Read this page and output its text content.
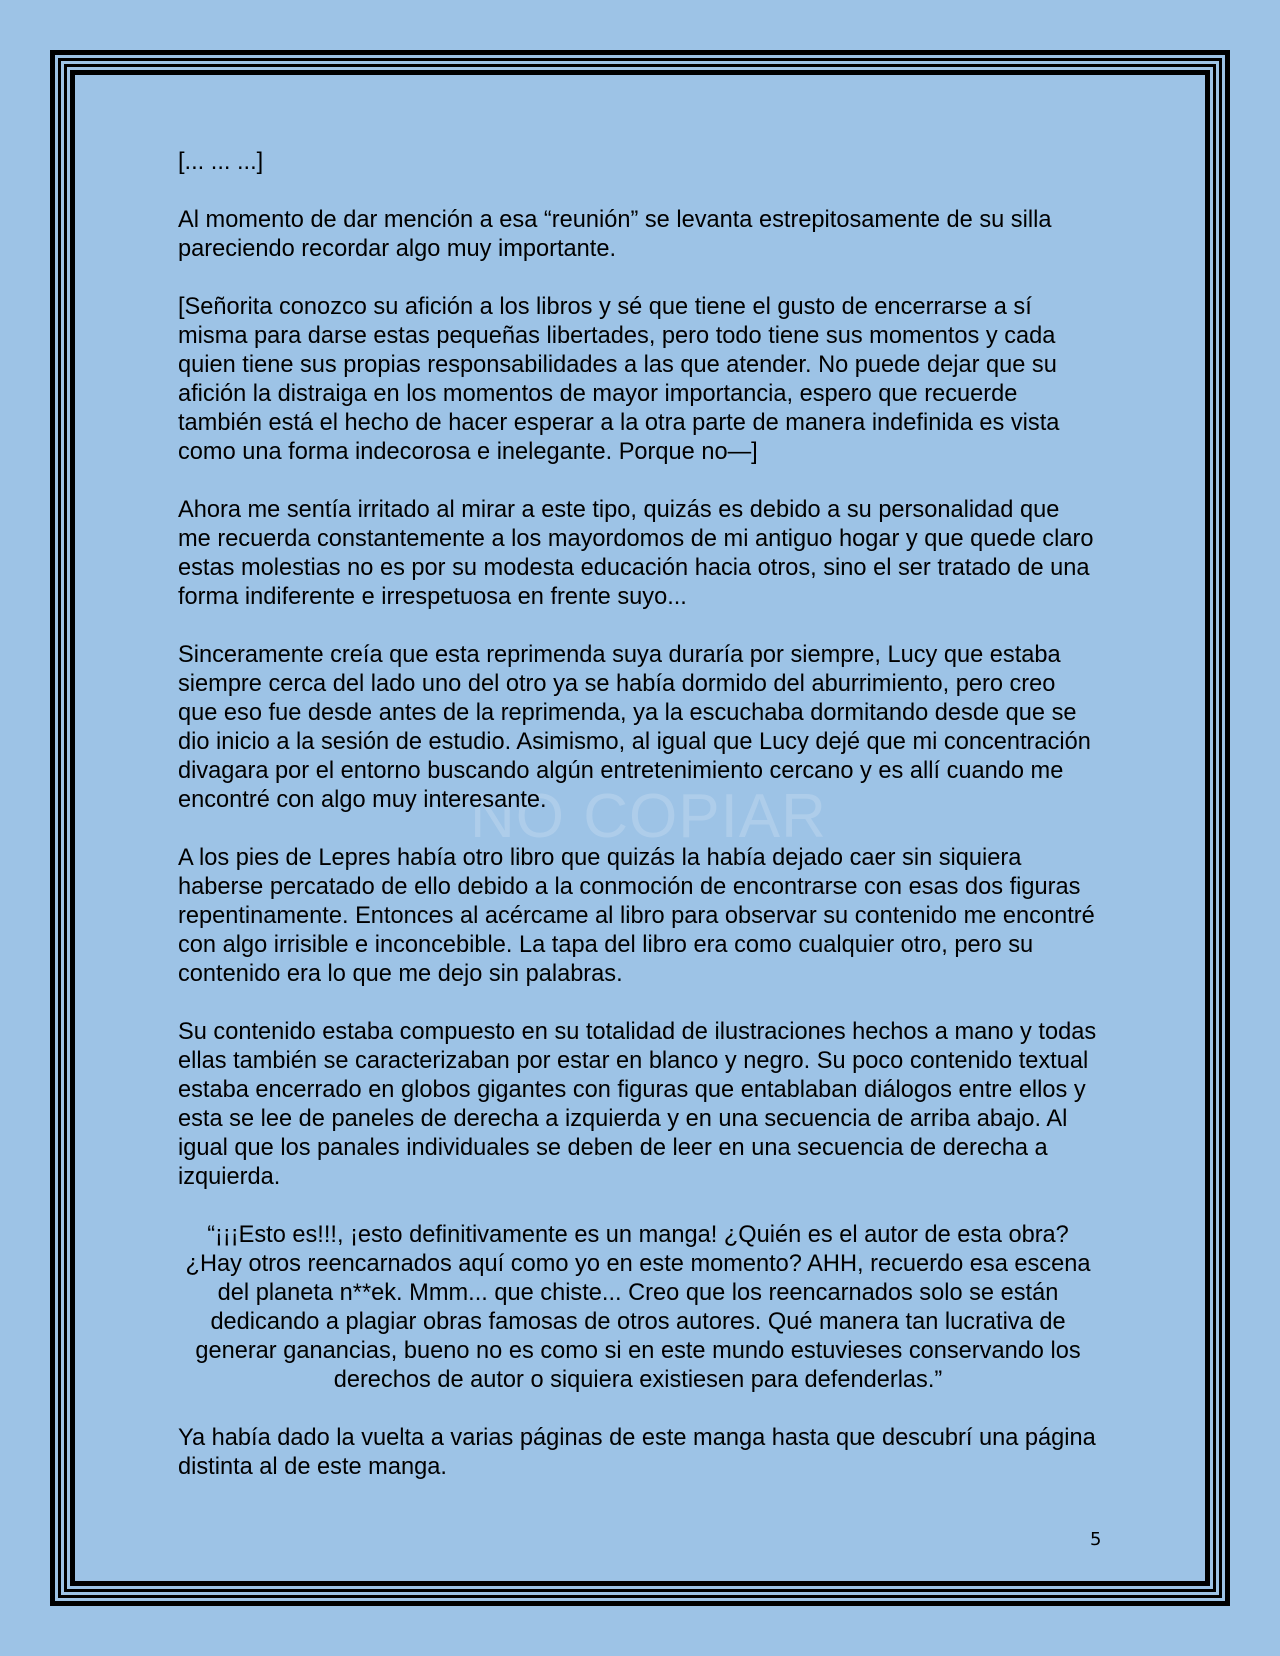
NO COPIAR

[... ... ...]

Al momento de dar mención a esa “reunión” se levanta estrepitosamente de su silla pareciendo recordar algo muy importante.

[Señorita conozco su afición a los libros y sé que tiene el gusto de encerrarse a sí misma para darse estas pequeñas libertades, pero todo tiene sus momentos y cada quien tiene sus propias responsabilidades a las que atender. No puede dejar que su afición la distraiga en los momentos de mayor importancia, espero que recuerde también está el hecho de hacer esperar a la otra parte de manera indefinida es vista como una forma indecorosa e inelegante. Porque no—]

Ahora me sentía irritado al mirar a este tipo, quizás es debido a su personalidad que me recuerda constantemente a los mayordomos de mi antiguo hogar y que quede claro estas molestias no es por su modesta educación hacia otros, sino el ser tratado de una forma indiferente e irrespetuosa en frente suyo...

Sinceramente creía que esta reprimenda suya duraría por siempre, Lucy que estaba siempre cerca del lado uno del otro ya se había dormido del aburrimiento, pero creo que eso fue desde antes de la reprimenda, ya la escuchaba dormitando desde que se dio inicio a la sesión de estudio. Asimismo, al igual que Lucy dejé que mi concentración divagara por el entorno buscando algún entretenimiento cercano y es allí cuando me encontré con algo muy interesante.

A los pies de Lepres había otro libro que quizás la había dejado caer sin siquiera haberse percatado de ello debido a la conmoción de encontrarse con esas dos figuras repentinamente. Entonces al acércame al libro para observar su contenido me encontré con algo irrisible e inconcebible. La tapa del libro era como cualquier otro, pero su contenido era lo que me dejo sin palabras.

Su contenido estaba compuesto en su totalidad de ilustraciones hechos a mano y todas ellas también se caracterizaban por estar en blanco y negro. Su poco contenido textual estaba encerrado en globos gigantes con figuras que entablaban diálogos entre ellos y esta se lee de paneles de derecha a izquierda y en una secuencia de arriba abajo. Al igual que los panales individuales se deben de leer en una secuencia de derecha a izquierda.

“¡¡¡Esto es!!!, ¡esto definitivamente es un manga! ¿Quién es el autor de esta obra? ¿Hay otros reencarnados aquí como yo en este momento? AHH, recuerdo esa escena del planeta n**ek. Mmm... que chiste... Creo que los reencarnados solo se están dedicando a plagiar obras famosas de otros autores. Qué manera tan lucrativa de generar ganancias, bueno no es como si en este mundo estuvieses conservando los derechos de autor o siquiera existiesen para defenderlas.”

Ya había dado la vuelta a varias páginas de este manga hasta que descubrí una página distinta al de este manga.

5
